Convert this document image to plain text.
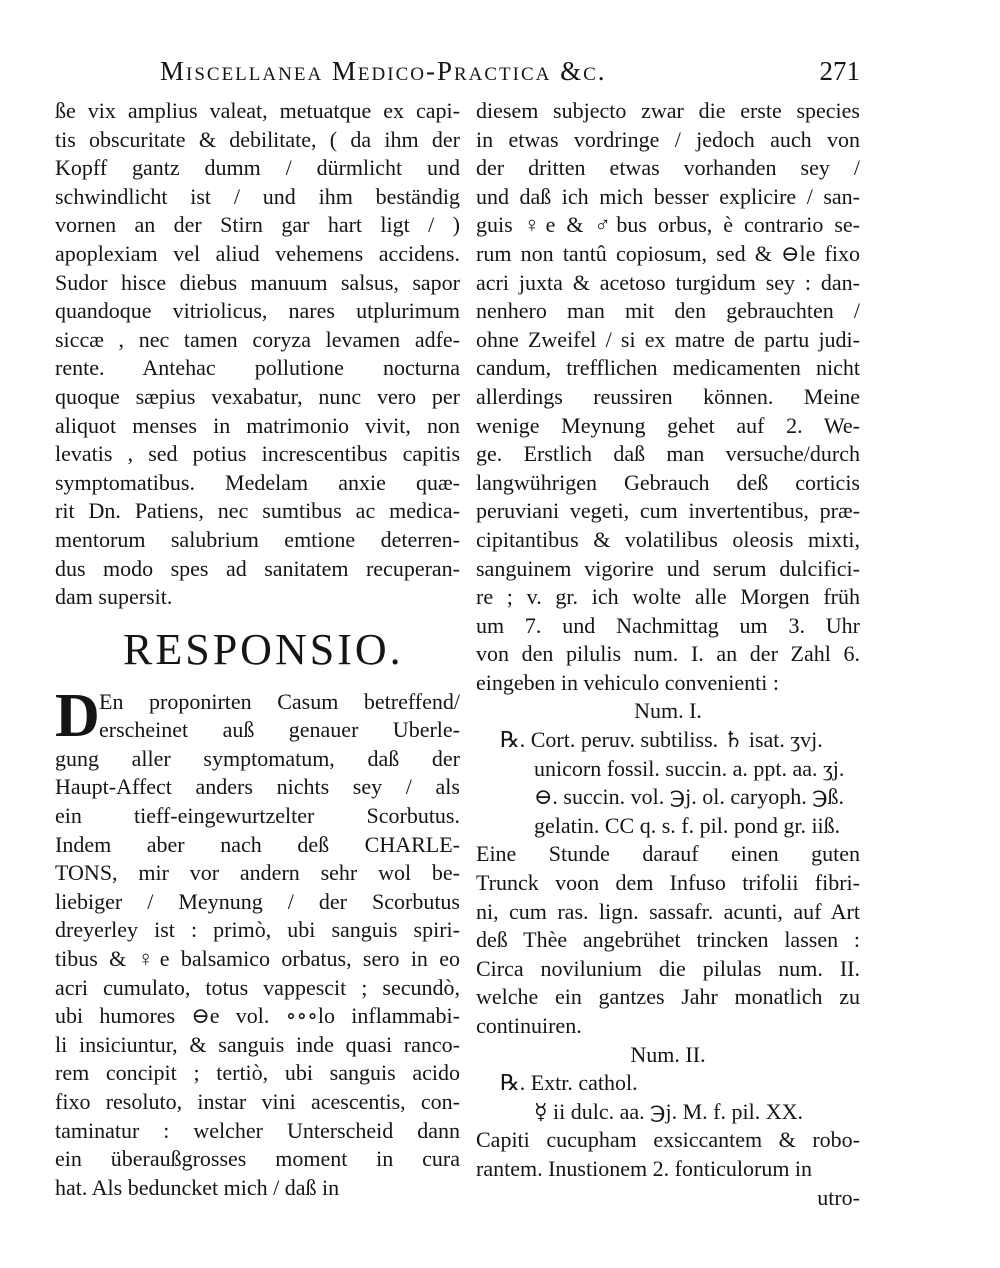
Miscellanea Medico-Practica &c.	271
ße vix amplius valeat, metuatque ex capi-
tis obscuritate & debilitate, ( da ihm der
Kopff gantz dumm / dürmlicht und
schwindlicht ist / und ihm beständig
vornen an der Stirn gar hart ligt / )
apoplexiam vel aliud vehemens accidens.
Sudor hisce diebus manuum salsus, sapor
quandoque vitriolicus, nares utplurimum
siccæ , nec tamen coryza levamen adfe-
rente. Antehac pollutione nocturna
quoque sæpius vexabatur, nunc vero per
aliquot menses in matrimonio vivit, non
levatis , sed potius increscentibus capitis
symptomatibus. Medelam anxie quæ-
rit Dn. Patiens, nec sumtibus ac medica-
mentorum salubrium emtione deterren-
dus modo spes ad sanitatem recuperan-
dam supersit.
RESPONSIO.
D En proponirten Casum betreffend/
erscheinet auß genauer Uberle-
gung aller symptomatum, daß der
Haupt-Affect anders nichts sey / als
ein tieff-eingewurtzelter Scorbutus.
Indem aber nach deß CHARLE-
TONS, mir vor andern sehr wol be-
liebiger / Meynung / der Scorbutus
dreyerley ist : primò, ubi sanguis spiri-
tibus & ♀e balsamico orbatus, sero in eo
acri cumulato, totus vappescit ; secundò,
ubi humores ⊖e vol. ∘∘∘lo inflammabi-
li insiciuntur, & sanguis inde quasi ranco-
rem concipit ; tertiò, ubi sanguis acido
fixo resoluto, instar vini acescentis, con-
taminatur : welcher Unterscheid dann
ein überaußgrosses moment in cura
hat. Als beduncket mich / daß in
diesem subjecto zwar die erste species
in etwas vordringe / jedoch auch von
der dritten etwas vorhanden sey /
und daß ich mich besser explicire / san-
guis ♀e & ♂bus orbus, è contrario se-
rum non tantû copiosum, sed & ⊖le fixo
acri juxta & acetoso turgidum sey : dan-
nenhero man mit den gebrauchten /
ohne Zweifel / si ex matre de partu judi-
candum, trefflichen medicamenten nicht
allerdings reussiren können. Meine
wenige Meynung gehet auf 2. We-
ge. Erstlich daß man versuche/durch
langwührigen Gebrauch deß corticis
peruviani vegeti, cum invertentibus, præ-
cipitantibus & volatilibus oleosis mixti,
sanguinem vigorire und serum dulcifici-
re ; v. gr. ich wolte alle Morgen früh
um 7. und Nachmittag um 3. Uhr
von den pilulis num. I. an der Zahl 6.
eingeben in vehiculo convenienti :
Num. I.
℞. Cort. peruv. subtiliss. ♄ isat. ʒvj.
unicorn fossil. succin. a. ppt. aa. ʒj.
⊖. succin. vol. ℈j. ol. caryoph. ℈ß.
gelatin. CC q. s. f. pil. pond gr. iiß.
Eine Stunde darauf einen guten
Trunck voon dem Infuso trifolii fibri-
ni, cum ras. lign. sassafr. acunti, auf Art
deß Thèe angebrühet trincken lassen :
Circa novilunium die pilulas num. II.
welche ein gantzes Jahr monatlich zu
continuiren.
Num. II.
℞. Extr. cathol.
☿ ii dulc. aa. ℈j. M. f. pil. XX.
Capiti cucupham exsiccantem & robo-
rantem. Inustionem 2. fonticulorum in
utro-
